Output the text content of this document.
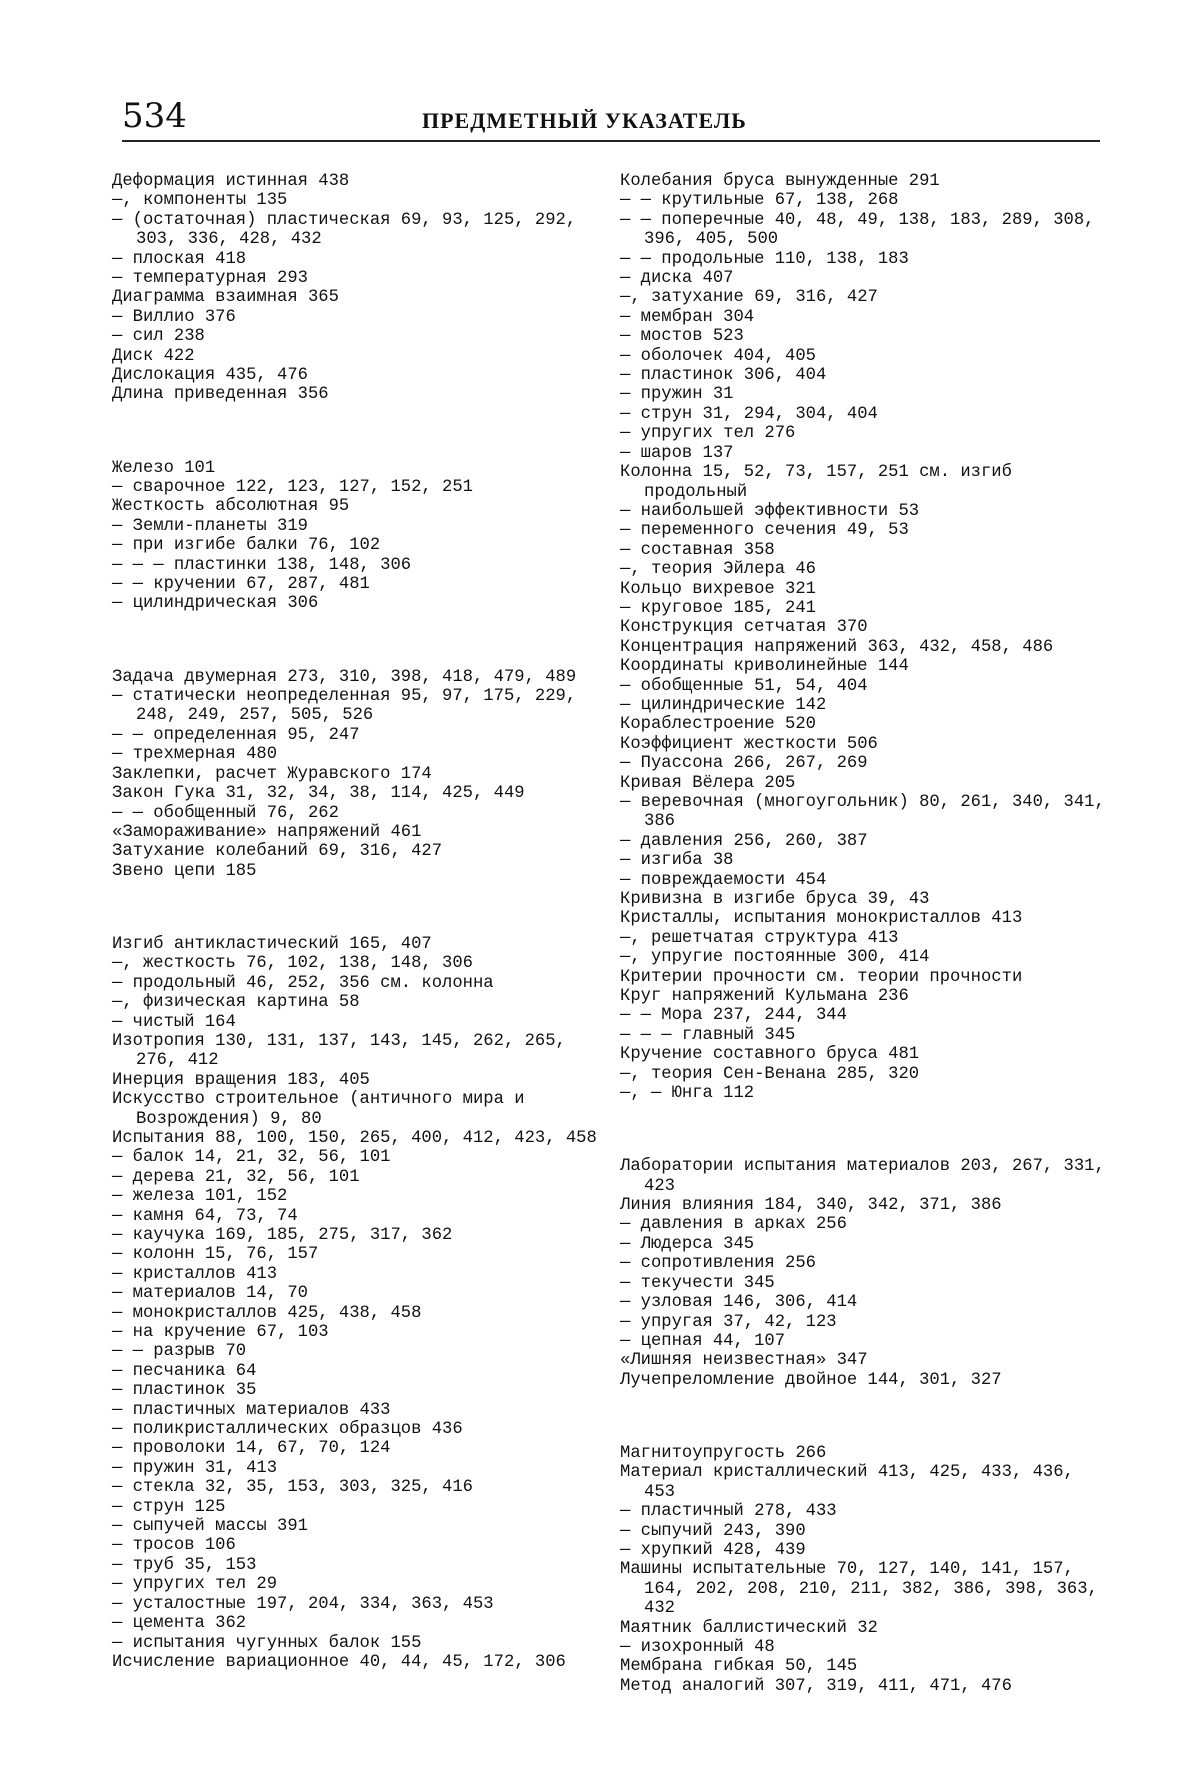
534	ПРЕДМЕТНЫЙ УКАЗАТЕЛЬ

Деформация истинная 438

—, компоненты 135

— (остаточная) пластическая 69, 93, 125, 292, 303, 336, 428, 432

— плоская 418

— температурная 293

Диаграмма взаимная 365

— Виллио 376

— сил 238

Диск 422

Дислокация 435, 476

Длина приведенная 356

Железо 101

— сварочное 122, 123, 127, 152, 251

Жесткость абсолютная 95

— Земли-планеты 319

— при изгибе балки 76, 102

— — — пластинки 138, 148, 306

— — кручении 67, 287, 481

— цилиндрическая 306

Задача двумерная 273, 310, 398, 418, 479, 489

— статически неопределенная 95, 97, 175, 229, 248, 249, 257, 505, 526

— — определенная 95, 247

— трехмерная 480

Заклепки, расчет Журавского 174

Закон Гука 31, 32, 34, 38, 114, 425, 449

— — обобщенный 76, 262

«Замораживание» напряжений 461

Затухание колебаний 69, 316, 427

Звено цепи 185

Изгиб антикластический 165, 407

—, жесткость 76, 102, 138, 148, 306

— продольный 46, 252, 356 см. колонна

—, физическая картина 58

— чистый 164

Изотропия 130, 131, 137, 143, 145, 262, 265, 276, 412

Инерция вращения 183, 405

Искусство строительное (античного мира и Возрождения) 9, 80

Испытания 88, 100, 150, 265, 400, 412, 423, 458

— балок 14, 21, 32, 56, 101

— дерева 21, 32, 56, 101

— железа 101, 152

— камня 64, 73, 74

— каучука 169, 185, 275, 317, 362

— колонн 15, 76, 157

— кристаллов 413

— материалов 14, 70

— монокристаллов 425, 438, 458

— на кручение 67, 103

— — разрыв 70

— песчаника 64

— пластинок 35

— пластичных материалов 433

— поликристаллических образцов 436

— проволоки 14, 67, 70, 124

— пружин 31, 413

— стекла 32, 35, 153, 303, 325, 416

— струн 125

— сыпучей массы 391

— тросов 106

— труб 35, 153

— упругих тел 29

— усталостные 197, 204, 334, 363, 453

— цемента 362

— испытания чугунных балок 155

Исчисление вариационное 40, 44, 45, 172, 306

Колебания бруса вынужденные 291

— — крутильные 67, 138, 268

— — поперечные 40, 48, 49, 138, 183, 289, 308, 396, 405, 500

— — продольные 110, 138, 183

— диска 407

—, затухание 69, 316, 427

— мембран 304

— мостов 523

— оболочек 404, 405

— пластинок 306, 404

— пружин 31

— струн 31, 294, 304, 404

— упругих тел 276

— шаров 137

Колонна 15, 52, 73, 157, 251 см. изгиб продольный

— наибольшей эффективности 53

— переменного сечения 49, 53

— составная 358

—, теория Эйлера 46

Кольцо вихревое 321

— круговое 185, 241

Конструкция сетчатая 370

Концентрация напряжений 363, 432, 458, 486

Координаты криволинейные 144

— обобщенные 51, 54, 404

— цилиндрические 142

Кораблестроение 520

Коэффициент жесткости 506

— Пуассона 266, 267, 269

Кривая Вёлера 205

— веревочная (многоугольник) 80, 261, 340, 341, 386

— давления 256, 260, 387

— изгиба 38

— повреждаемости 454

Кривизна в изгибе бруса 39, 43

Кристаллы, испытания монокристаллов 413

—, решетчатая структура 413

—, упругие постоянные 300, 414

Критерии прочности см. теории прочности

Круг напряжений Кульмана 236

— — Мора 237, 244, 344

— — — главный 345

Кручение составного бруса 481

—, теория Сен-Венана 285, 320

—, — Юнга 112

Лаборатории испытания материалов 203, 267, 331, 423

Линия влияния 184, 340, 342, 371, 386

— давления в арках 256

— Людерса 345

— сопротивления 256

— текучести 345

— узловая 146, 306, 414

— упругая 37, 42, 123

— цепная 44, 107

«Лишняя неизвестная» 347

Лучепреломление двойное 144, 301, 327

Магнитоупругость 266

Материал кристаллический 413, 425, 433, 436, 453

— пластичный 278, 433

— сыпучий 243, 390

— хрупкий 428, 439

Машины испытательные 70, 127, 140, 141, 157, 164, 202, 208, 210, 211, 382, 386, 398, 363, 432

Маятник баллистический 32

— изохронный 48

Мембрана гибкая 50, 145

Метод аналогий 307, 319, 411, 471, 476
